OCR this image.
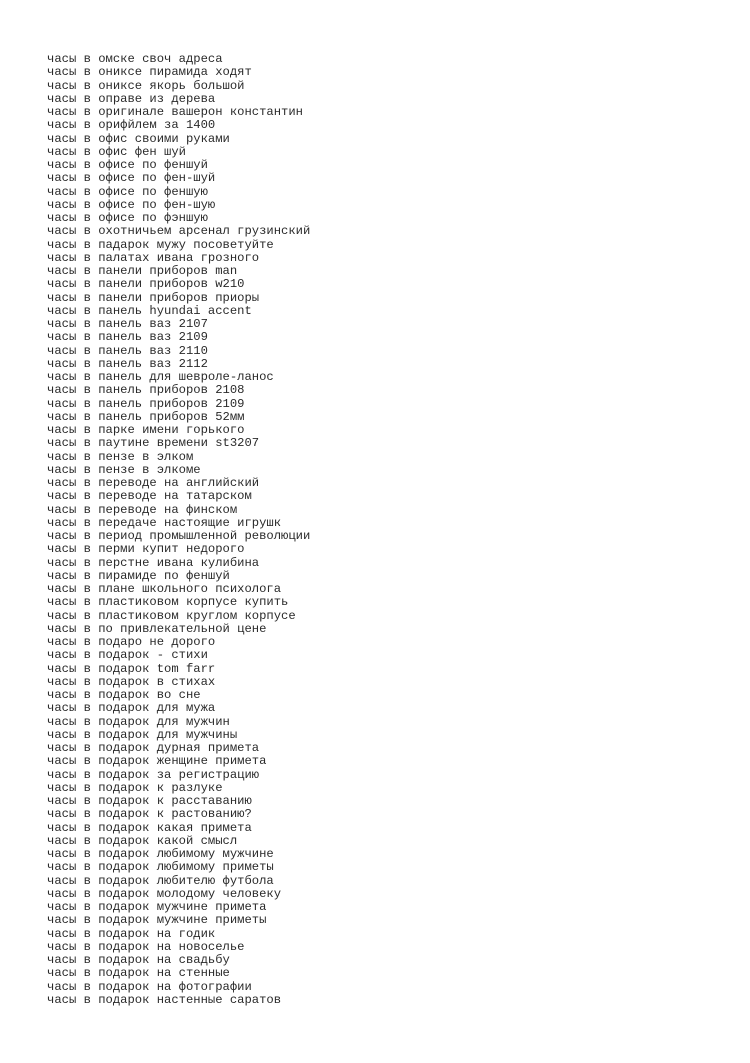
часы в омске своч адреса
часы в ониксе пирамида ходят
часы в ониксе якорь большой
часы в оправе из дерева
часы в оригинале вашерон константин
часы в орифйлем за 1400
часы в офис своими руками
часы в офис фен шуй
часы в офисе по феншуй
часы в офисе по фен-шуй
часы в офисе по феншую
часы в офисе по фен-шую
часы в офисе по фэншую
часы в охотничьем арсенал грузинский
часы в падарок мужу посоветуйте
часы в палатах ивана грозного
часы в панели приборов man
часы в панели приборов w210
часы в панели приборов приоры
часы в панель hyundai accent
часы в панель ваз 2107
часы в панель ваз 2109
часы в панель ваз 2110
часы в панель ваз 2112
часы в панель для шевроле-ланос
часы в панель приборов 2108
часы в панель приборов 2109
часы в панель приборов 52мм
часы в парке имени горького
часы в паутине времени st3207
часы в пензе в элком
часы в пензе в элкоме
часы в переводе на английский
часы в переводе на татарском
часы в переводе на финском
часы в передаче настоящие игрушк
часы в период промышленной революции
часы в перми купит недорого
часы в перстне ивана кулибина
часы в пирамиде по феншуй
часы в плане школьного психолога
часы в пластиковом корпусе купить
часы в пластиковом круглом корпусе
часы в по привлекательной цене
часы в подаро не дорого
часы в подарок - стихи
часы в подарок tom farr
часы в подарок в стихах
часы в подарок во сне
часы в подарок для мужа
часы в подарок для мужчин
часы в подарок для мужчины
часы в подарок дурная примета
часы в подарок женщине примета
часы в подарок за регистрацию
часы в подарок к разлуке
часы в подарок к расставанию
часы в подарок к растованию?
часы в подарок какая примета
часы в подарок какой смысл
часы в подарок любимому мужчине
часы в подарок любимому приметы
часы в подарок любителю футбола
часы в подарок молодому человеку
часы в подарок мужчине примета
часы в подарок мужчине приметы
часы в подарок на годик
часы в подарок на новоселье
часы в подарок на свадьбу
часы в подарок на стенные
часы в подарок на фотографии
часы в подарок настенные саратов
